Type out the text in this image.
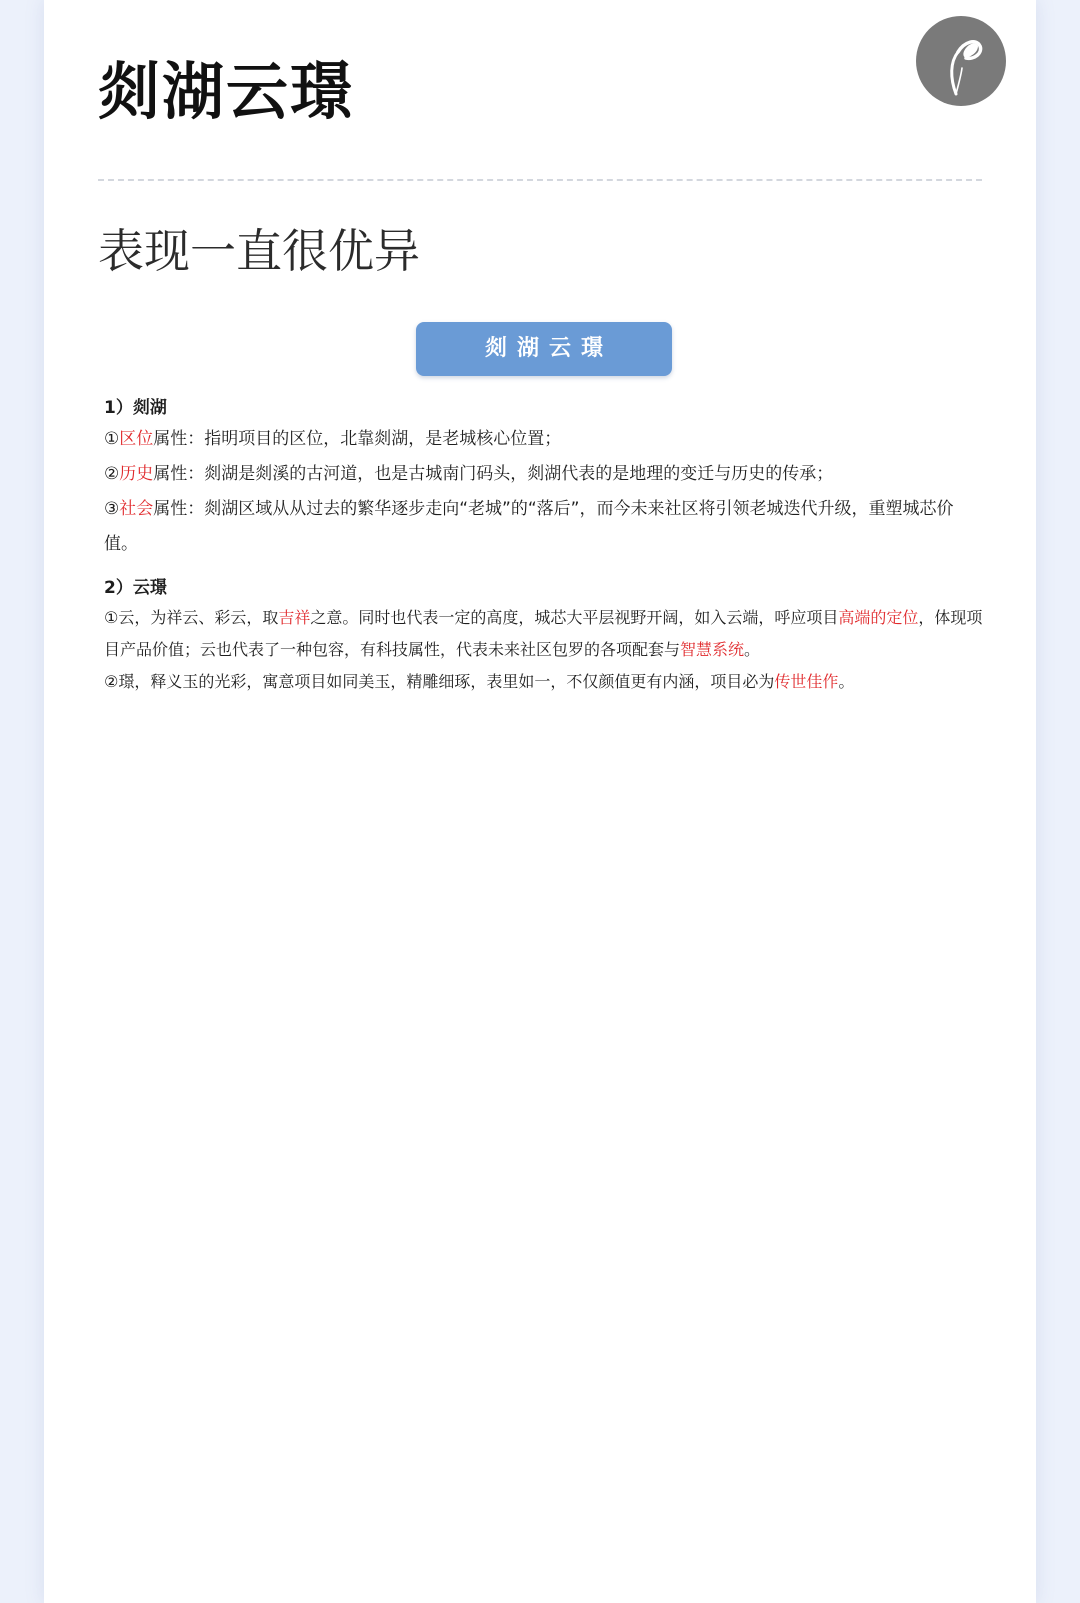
剡湖云璟
表现一直很优异
剡湖云璟
1）剡湖

①区位属性：指明项目的区位，北靠剡湖，是老城核心位置；

②历史属性：剡湖是剡溪的古河道，也是古城南门码头，剡湖代表的是地理的变迁与历史的传承；

③社会属性：剡湖区域从从过去的繁华逐步走向“老城”的“落后”，而今未来社区将引领老城迭代升级，重塑城芯价值。

2）云璟

①云，为祥云、彩云，取吉祥之意。同时也代表一定的高度，城芯大平层视野开阔，如入云端，呼应项目高端的定位，体现项目产品价值；云也代表了一种包容，有科技属性，代表未来社区包罗的各项配套与智慧系统。

②璟，释义玉的光彩，寓意项目如同美玉，精雕细琢，表里如一，不仅颜值更有内涵，项目必为传世佳作。
